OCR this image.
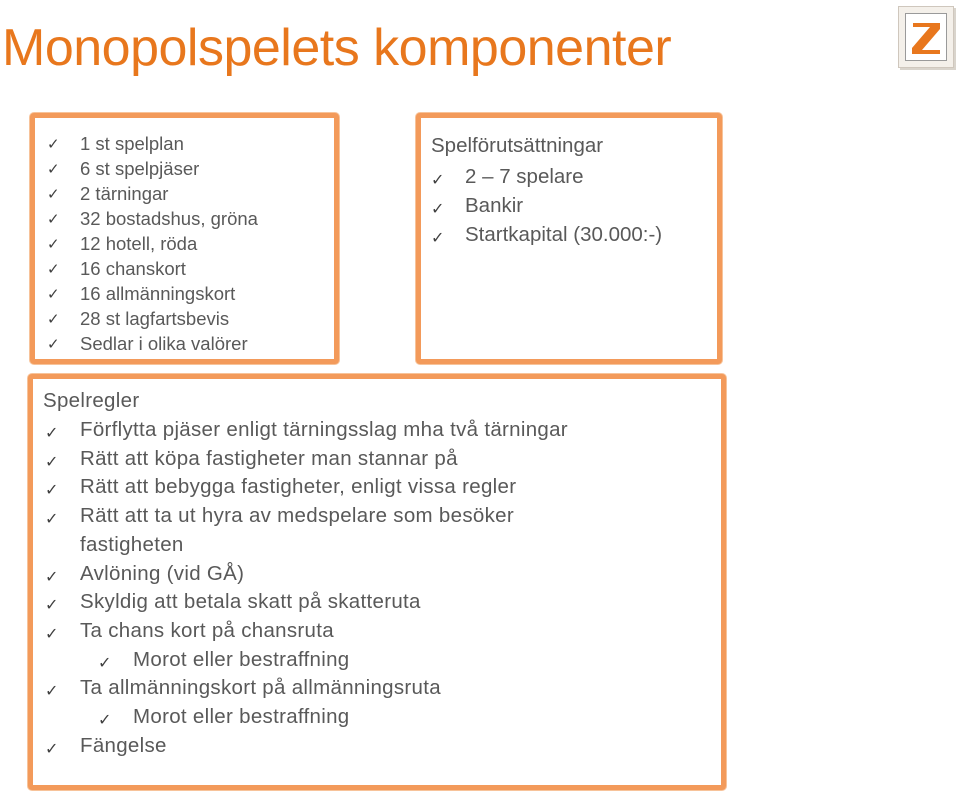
Monopolspelets komponenter
✓ 1 st spelplan
✓ 6 st spelpjäser
✓ 2 tärningar
✓ 32 bostadshus, gröna
✓ 12 hotell, röda
✓ 16 chanskort
✓ 16 allmänningskort
✓ 28 st lagfartsbevis
✓ Sedlar i olika valörer
Spelförutsättningar
✓ 2 – 7 spelare
✓ Bankir
✓ Startkapital (30.000:-)
Spelregler
✓ Förflytta pjäser enligt tärningsslag mha två tärningar
✓ Rätt att köpa fastigheter man stannar på
✓ Rätt att bebygga fastigheter, enligt vissa regler
✓ Rätt att ta ut hyra av medspelare som besöker
fastigheten
✓ Avlöning (vid GÅ)
✓ Skyldig att betala skatt på skatteruta
✓ Ta chans kort på chansruta
✓ Morot eller bestraffning
✓ Ta allmänningskort på allmänningsruta
✓ Morot eller bestraffning
✓ Fängelse
